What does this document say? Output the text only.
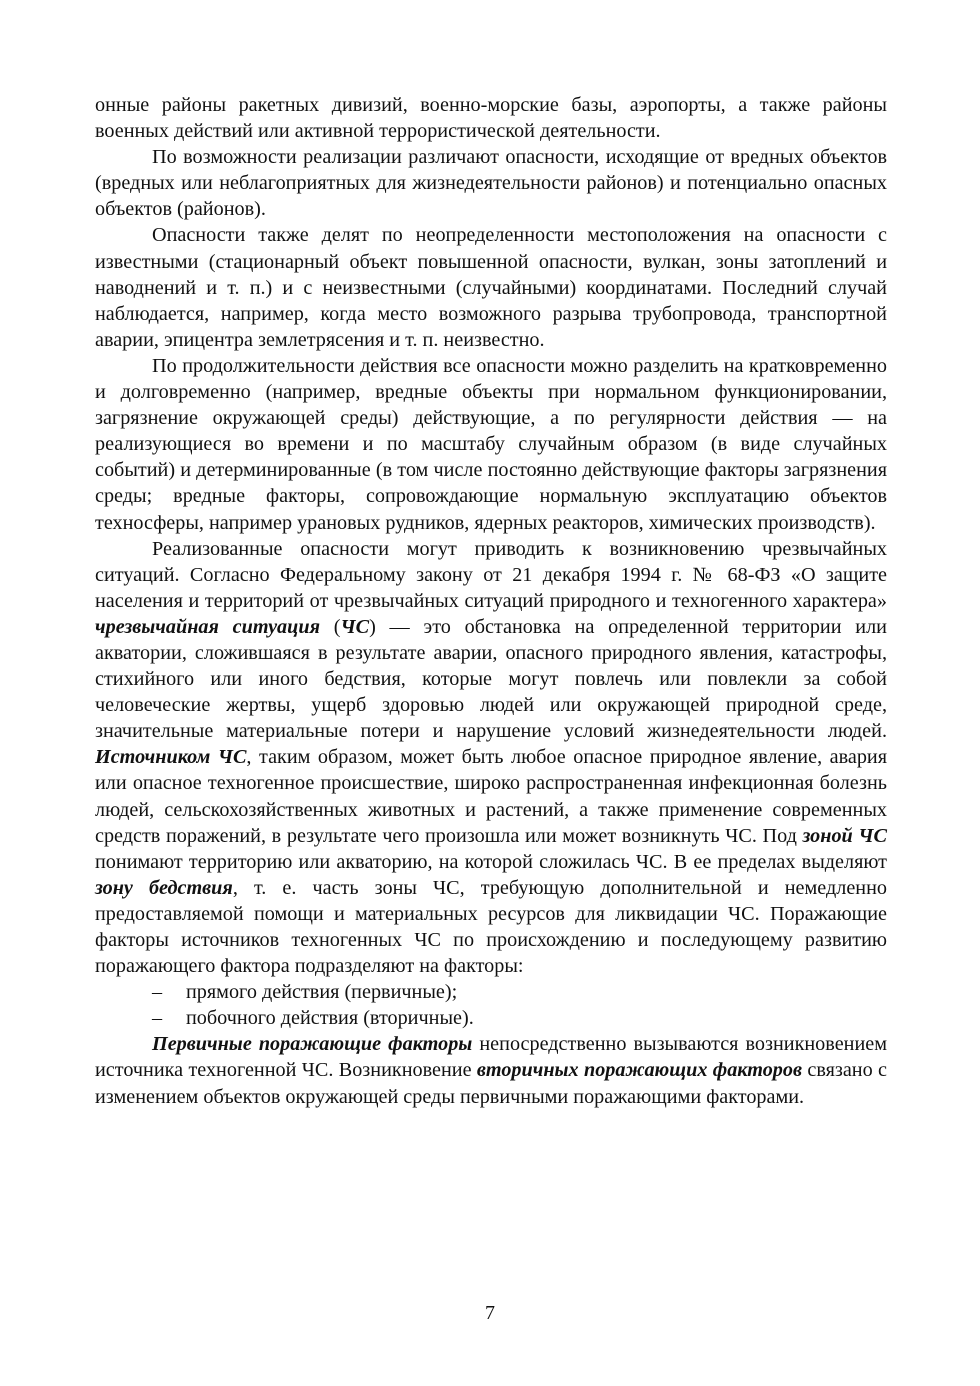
онные районы ракетных дивизий, военно-морские базы, аэропорты, а также районы военных действий или активной террористической деятельности.

По возможности реализации различают опасности, исходящие от вредных объектов (вредных или неблагоприятных для жизнедеятельности районов) и потенциально опасных объектов (районов).

Опасности также делят по неопределенности местоположения на опасности с известными (стационарный объект повышенной опасности, вулкан, зоны затоплений и наводнений и т. п.) и с неизвестными (случайными) координатами. Последний случай наблюдается, например, когда место возможного разрыва трубопровода, транспортной аварии, эпицентра землетрясения и т. п. неизвестно.

По продолжительности действия все опасности можно разделить на кратковременно и долговременно (например, вредные объекты при нормальном функционировании, загрязнение окружающей среды) действующие, а по регулярности действия — на реализующиеся во времени и по масштабу случайным образом (в виде случайных событий) и детерминированные (в том числе постоянно действующие факторы загрязнения среды; вредные факторы, сопровождающие нормальную эксплуатацию объектов техносферы, например урановых рудников, ядерных реакторов, химических производств).

Реализованные опасности могут приводить к возникновению чрезвычайных ситуаций. Согласно Федеральному закону от 21 декабря 1994 г. № 68-ФЗ «О защите населения и территорий от чрезвычайных ситуаций природного и техногенного характера» чрезвычайная ситуация (ЧС) — это обстановка на определенной территории или акватории, сложившаяся в результате аварии, опасного природного явления, катастрофы, стихийного или иного бедствия, которые могут повлечь или повлекли за собой человеческие жертвы, ущерб здоровью людей или окружающей природной среде, значительные материальные потери и нарушение условий жизнедеятельности людей. Источником ЧС, таким образом, может быть любое опасное природное явление, авария или опасное техногенное происшествие, широко распространенная инфекционная болезнь людей, сельскохозяйственных животных и растений, а также применение современных средств поражений, в результате чего произошла или может возникнуть ЧС. Под зоной ЧС понимают территорию или акваторию, на которой сложилась ЧС. В ее пределах выделяют зону бедствия, т. е. часть зоны ЧС, требующую дополнительной и немедленно предоставляемой помощи и материальных ресурсов для ликвидации ЧС. Поражающие факторы источников техногенных ЧС по происхождению и последующему развитию поражающего фактора подразделяют на факторы:

– прямого действия (первичные);
– побочного действия (вторичные).

Первичные поражающие факторы непосредственно вызываются возникновением источника техногенной ЧС. Возникновение вторичных поражающих факторов связано с изменением объектов окружающей среды первичными поражающими факторами.

7
